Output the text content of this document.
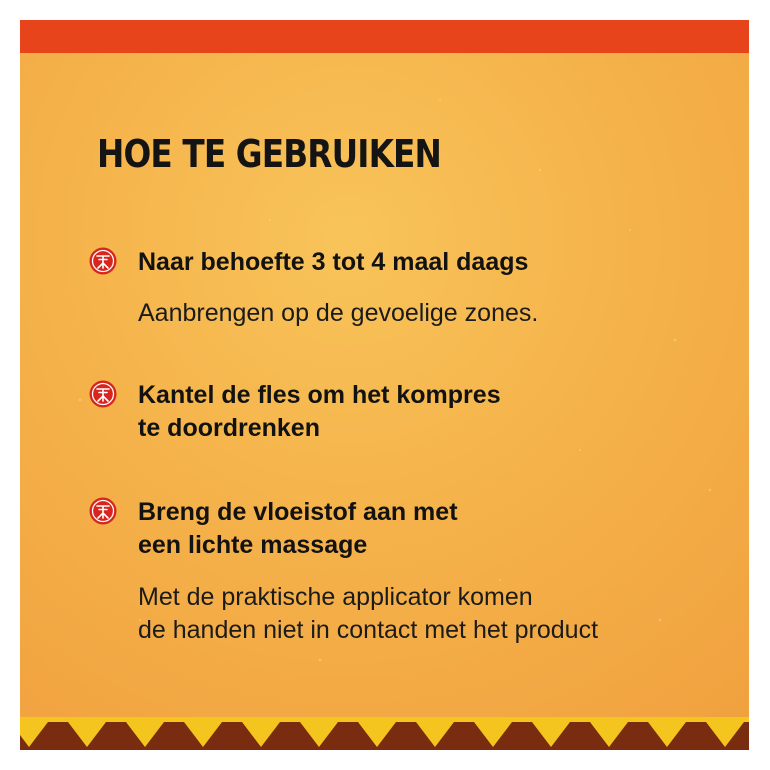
HOE TE GEBRUIKEN

Naar behoefte 3 tot 4 maal daags

Aanbrengen op de gevoelige zones.

Kantel de fles om het kompres

te doordrenken

Breng de vloeistof aan met

een lichte massage

Met de praktische applicator komen

de handen niet in contact met het product
